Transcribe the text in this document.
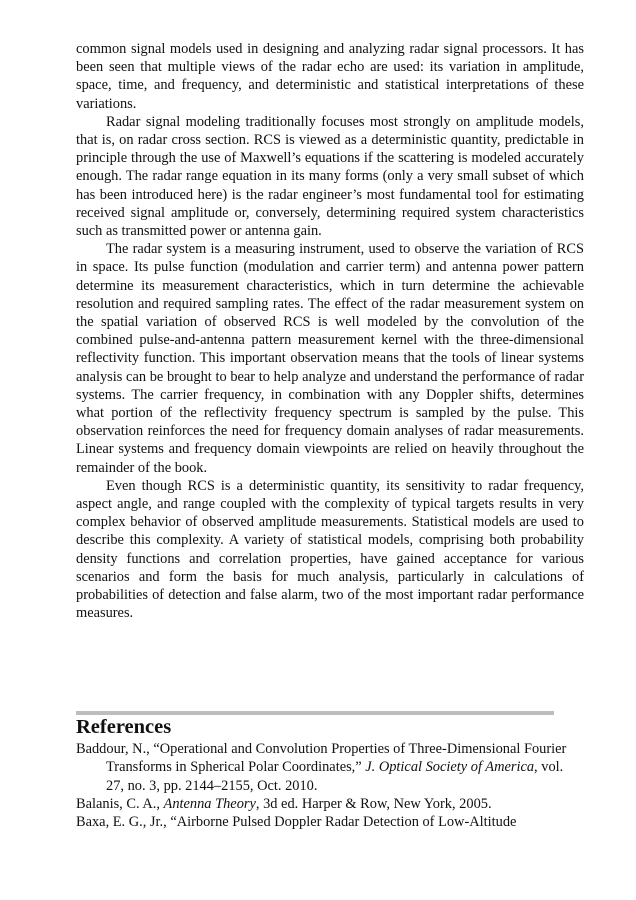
common signal models used in designing and analyzing radar signal processors. It has been seen that multiple views of the radar echo are used: its variation in amplitude, space, time, and frequency, and deterministic and statistical interpretations of these variations.

Radar signal modeling traditionally focuses most strongly on amplitude models, that is, on radar cross section. RCS is viewed as a deterministic quantity, predictable in principle through the use of Maxwell’s equations if the scattering is modeled accurately enough. The radar range equation in its many forms (only a very small subset of which has been introduced here) is the radar engineer’s most fundamental tool for estimating received signal amplitude or, conversely, determining required system characteristics such as transmitted power or antenna gain.

The radar system is a measuring instrument, used to observe the variation of RCS in space. Its pulse function (modulation and carrier term) and antenna power pattern determine its measurement characteristics, which in turn determine the achievable resolution and required sampling rates. The effect of the radar measurement system on the spatial variation of observed RCS is well modeled by the convolution of the combined pulse-and-antenna pattern measurement kernel with the three-dimensional reflectivity function. This important observation means that the tools of linear systems analysis can be brought to bear to help analyze and understand the performance of radar systems. The carrier frequency, in combination with any Doppler shifts, determines what portion of the reflectivity frequency spectrum is sampled by the pulse. This observation reinforces the need for frequency domain analyses of radar measurements. Linear systems and frequency domain viewpoints are relied on heavily throughout the remainder of the book.

Even though RCS is a deterministic quantity, its sensitivity to radar frequency, aspect angle, and range coupled with the complexity of typical targets results in very complex behavior of observed amplitude measurements. Statistical models are used to describe this complexity. A variety of statistical models, comprising both probability density functions and correlation properties, have gained acceptance for various scenarios and form the basis for much analysis, particularly in calculations of probabilities of detection and false alarm, two of the most important radar performance measures.

References

Baddour, N., “Operational and Convolution Properties of Three-Dimensional Fourier Transforms in Spherical Polar Coordinates,” J. Optical Society of America, vol. 27, no. 3, pp. 2144–2155, Oct. 2010.

Balanis, C. A., Antenna Theory, 3d ed. Harper & Row, New York, 2005.

Baxa, E. G., Jr., “Airborne Pulsed Doppler Radar Detection of Low-Altitude
